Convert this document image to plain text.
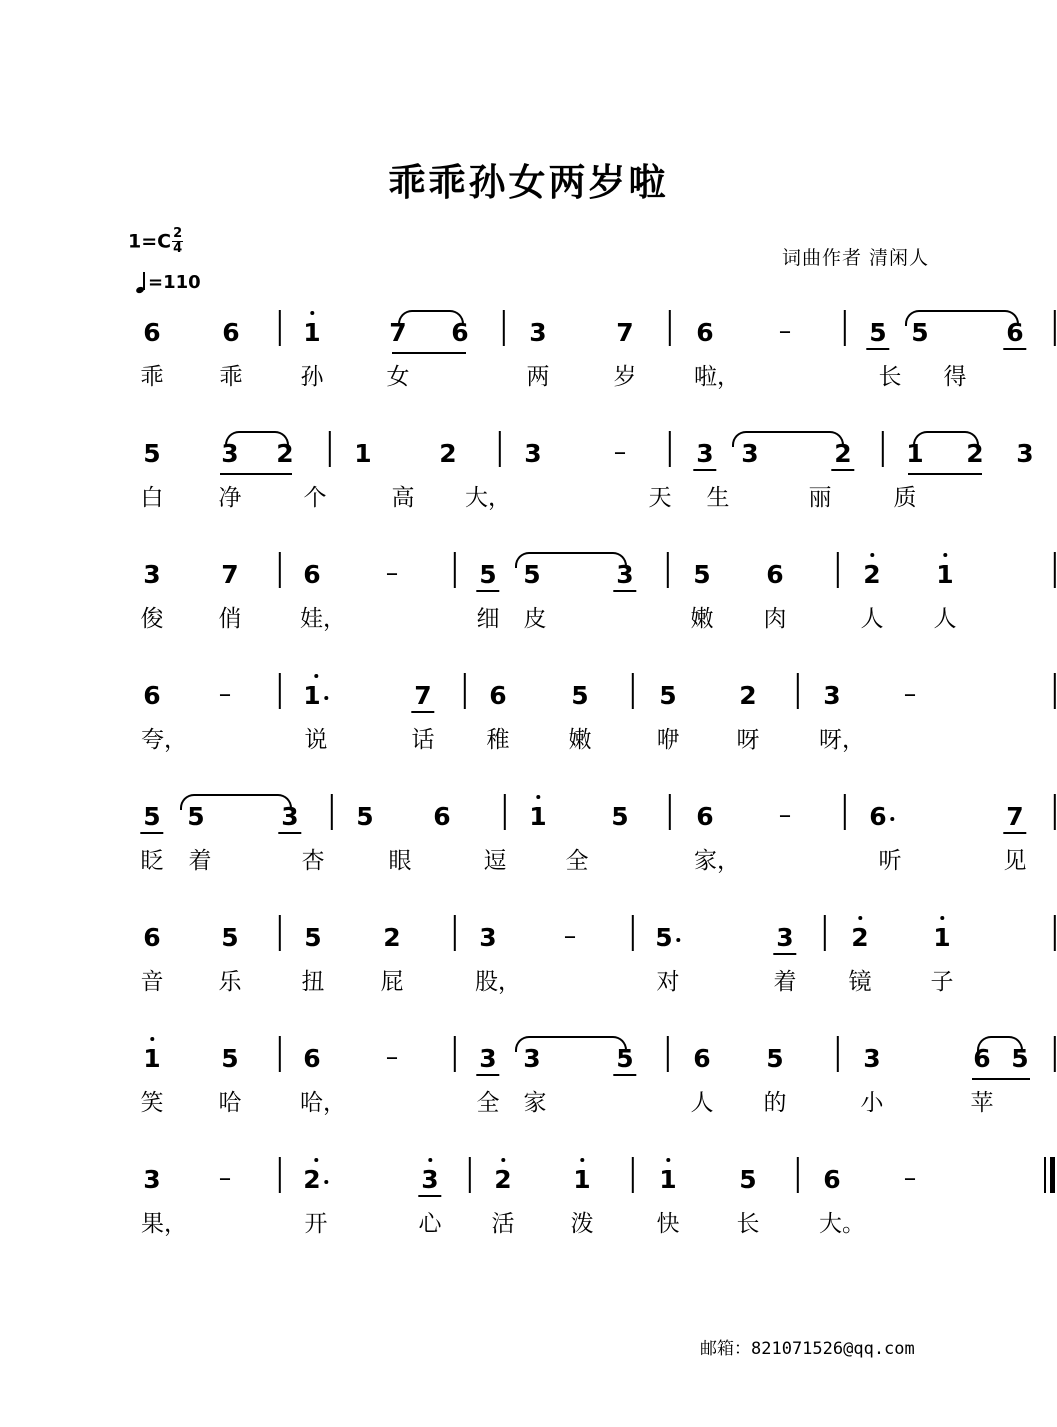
乖乖孙女两岁啦
$1=C \frac{2}{4}$
=110
词曲作者 清闲人
6 6	1	7 6 3	7	6	–	5 5	6
乖 乖	孙	女	两	岁	啦，	长 得
5 3 2 1	2	3	–	3 3	2 1 2 3
白 净	个	高 大，	天 生	丽	质
3 7	6	–	5 5	3 5 6	2 1
俊 俏	娃，	细 皮	嫩 肉	人 人
6 –	1	7 6	5	5	2	3	–
夸，	说	话 稚	嫩	咿 呀	呀，
5 5	3 5 6	1	5	6	–	6	7
眨 着	杏	眼	逗	全	家，	听	见
6 5	5 2	3	–	5	3 2	1
音 乐	扭 屁	股，	对	着 镜	子
1 5	6	–	3 3	5 6 5	3	6 5
笑 哈	哈，	全 家	人 的	小	苹
3 –	2	3 2 1	1	5	6	–
果，	开	心 活 泼	快 长	大。
邮箱：821071526@qq.com
